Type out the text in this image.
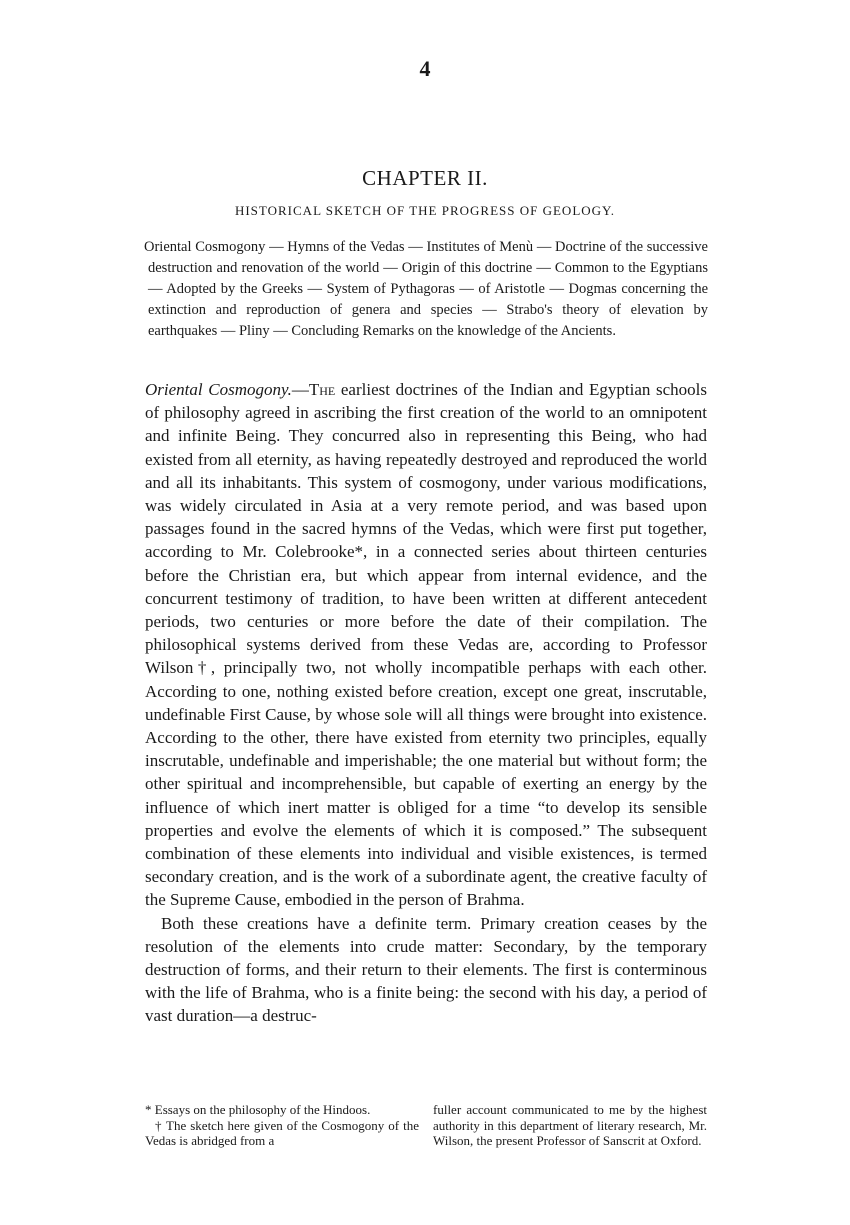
4
CHAPTER II.
HISTORICAL SKETCH OF THE PROGRESS OF GEOLOGY.

Oriental Cosmogony — Hymns of the Vedas — Institutes of Menù — Doctrine of the successive destruction and renovation of the world — Origin of this doctrine — Common to the Egyptians — Adopted by the Greeks — System of Pythagoras — of Aristotle — Dogmas concerning the extinction and reproduction of genera and species — Strabo's theory of elevation by earthquakes — Pliny — Concluding Remarks on the knowledge of the Ancients.

Oriental Cosmogony.—The earliest doctrines of the Indian and Egyptian schools of philosophy agreed in ascribing the first creation of the world to an omnipotent and infinite Being. They concurred also in representing this Being, who had existed from all eternity, as having repeatedly destroyed and reproduced the world and all its inhabitants. This system of cosmogony, under various modifications, was widely circulated in Asia at a very remote period, and was based upon passages found in the sacred hymns of the Vedas, which were first put together, according to Mr. Colebrooke*, in a connected series about thirteen centuries before the Christian era, but which appear from internal evidence, and the concurrent testimony of tradition, to have been written at different antecedent periods, two centuries or more before the date of their compilation. The philosophical systems derived from these Vedas are, according to Professor Wilson†, principally two, not wholly incompatible perhaps with each other. According to one, nothing existed before creation, except one great, inscrutable, undefinable First Cause, by whose sole will all things were brought into existence. According to the other, there have existed from eternity two principles, equally inscrutable, undefinable and imperishable; the one material but without form; the other spiritual and incomprehensible, but capable of exerting an energy by the influence of which inert matter is obliged for a time “to develop its sensible properties and evolve the elements of which it is composed.” The subsequent combination of these elements into individual and visible existences, is termed secondary creation, and is the work of a subordinate agent, the creative faculty of the Supreme Cause, embodied in the person of Brahma.

Both these creations have a definite term. Primary creation ceases by the resolution of the elements into crude matter: Secondary, by the temporary destruction of forms, and their return to their elements. The first is conterminous with the life of Brahma, who is a finite being: the second with his day, a period of vast duration—a destruc-

* Essays on the philosophy of the Hindoos.

† The sketch here given of the Cosmogony of the Vedas is abridged from a

fuller account communicated to me by the highest authority in this department of literary research, Mr. Wilson, the present Professor of Sanscrit at Oxford.
